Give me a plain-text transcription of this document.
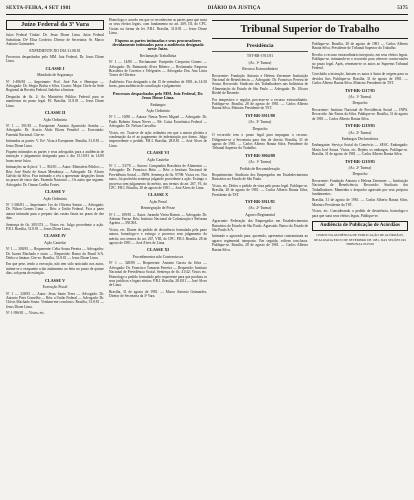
SEXTA-FEIRA, 4 SET 1981	DIÁRIO DA JUSTIÇA	5375
Juízo Federal da 3ª Vara

Juízo Federal Titular: Dr. Jesus Dione Lima. Juíza Federal Substituta: Drª Elisa Cordeiro. Diretor de Secretaria: Sr. Marco Antonio Guimarães.

EXPEDIENTE DO DIA 31.08.81

Processos despachados pelo MM. Juiz Federal, Dr. Jesus Dione Lima.

CLASSE I
Mandado de Segurança

Nº 1-496/81 — Impetrante: Prof. José Paz e Henrique — Advogado: Dr. Sérgio Borba e Silva. Coator: Major Chefe da Sede Regional da Receita Federal. Indefiro a liminar.

Despacho de fls. 2: Ao Ministério Público Federal para se manifestar no prazo legal. P.I. Brasília, 31.8.81 — Jesus Dione Lima.

CLASSE II
Ação Ordinária

Nº 1 — 391/81 — Exequente: Antonio Aparecido Aranha — Advogado: Dr. Acacio Abdo Elizeu Penafiel — Executado: Fazenda Nacional. Cite-se.

Intimadas as partes: V. Exª. Vista à Exequente. Brasília, 31.8.81 — Jesus Dione Lima.

Fiquem intimados as partes e seus advogados para a audiência de instrução e julgamento designada para o dia 15.10.81 às 14:00 horas neste Juízo.

Intimações na Ação nº 1 — 392/81 — Autor: Ministério Público — Réu: José Paulo de Souza Mendonça — Advogado: Dr. Alvaro Galvão da Silva. Fica intimado o réu a apresentar alegações finais no prazo de cinco dias. Fazenda Nacional — Os autos que seguem. Advogado: Dr. Osmar Coelho Fortes.

CLASSE V
Ação Ordinária

Nº 1-306/81 — Impetrante: Ivo de Oliveira Santos — Advogado: Dr. Nilson Gomes Lima — Réu: a União Federal. Fica a parte autora intimada para o preparo das custas finais no prazo de dez dias.

Sentença de fls. 305/374 — Vistos etc. Julgo procedente a ação. P.R.I. Brasília, 31.8.81 — Jesus Dione Lima.

CLASSE IV
Ação Cautelar

Nº 1 — 308/81 — Requerente: Celia Souza Pereira — Advogados: Dr. Juarez Machado e outro — Requerido: Banco do Brasil S/A. Defiro a liminar. Cite-se. Brasília, 31.8.81 — Jesus Dione Lima.

Em que pese, tendo a execução, não tem sido noticiado nos autos, intime-se o exequente a dar andamento ao feito no prazo de quinze dias, sob pena de extinção.

CLASSE V
Execução Fiscal

Nº 1 — 328/81 — Autor: Jesus Santo Terra — Advogado: Dr. Antonio Pires Conselho — Réu: a União Federal — Advogado: Dr. Clóvis Machado Souto. Venham-me conclusos. Brasília, 31.8.81 — Jesus Dione Lima.

Nº 1-396/81 — Vistos, etc.

Homologo o acordo em que se reconhecem as partes para que surta os seus efeitos legais, com fundamento no art. 269, III, do CPC. Custas na forma da lei. P.R.I. Brasília, 31.8.81 — Jesus Dione Lima.

Fiquem as partes intimadas e seus procuradores devidamente intimados para a audiência designada neste Juízo.
Reclamação Trabalhista

Nº 1 — 14/80 — Reclamante: Euripedes Cerqueira Gomes — Advogado: Dr. Raimundo Alves Ribeiro — Reclamada: Empresa Brasileira de Correios e Telégrafos — Advogada: Dra. Ana Lúcia Torres de Oliveira.

Audiência: Fica designado o dia 15 de setembro de 1981, às 14:30 horas, para audiência de conciliação e julgamento.

Processos despachados pelo MM. Juiz Federal, Dr. Jesus Dione Lima.
Embargos
Ação Ordinária

Nº 1 — 10/80 — Autora: Neusa Neves Miguel — Advogado: Dr. Paulo Roberto Souza Neves — Ré: Caixa Econômica Federal — Advogado: Dr. Nelson Carvalho.

Vistos, etc. Trata-se de ação ordinária em que a autora pleiteia a condenação da ré ao pagamento de indenização por danos. Julgo improcedente o pedido. P.R.I. Brasília, 28.8.81 — José Alves de Lima.

CLASSE VI
Ação Cautelar

Nº 1 — 53/78 — Autora: Companhia Brasileira de Alimentos — Advogado: Dr. Francisco Brito — Réu: o Instituto Nacional de Previdência Social — INPS. Sentença de fls. 97/98: Vistos etc. Nos autos, foi proferida sentença julgando procedente a ação. Extingo o processo sem julgamento do mérito, nos termos do art. 267, VI, do CPC. P.R.I. Brasília, 28 de agosto de 1981 — José Alves de Lima.

CLASSE X
Ação Penal
Reintegração de Posse

Nº 1 — 109/81 — Autor: Jurandir Vieira Ramos — Advogado: Dr. Ademar Ferraz. Réu: Instituto Nacional de Colonização e Reforma Agrária — INCRA.

Vistos, etc. Diante do pedido de desistência formulado pela parte autora, homologo-o e extingo o processo sem julgamento do mérito, nos termos do art. 267, VIII, do CPC. P.R.I. Brasília, 28 de agosto de 1981 — José Alves de Lima.

CLASSE XI
Procedimentos não Contenciosos

Nº 1 — 328/80 — Requerente: Antonio Garcia da Silva — Advogado: Dr. Francisco Tomazin Ferreira — Requerido: Instituto Nacional de Previdência Social. Sentença de fls. 41/42: Vistos etc. Homologo o pedido formulado pelo requerente para que produza os seus jurídicos e legais efeitos. P.R.I. Brasília, 28.8.81 — José Alves de Lima.

Brasília, 31 de agosto de 1981. — Marco Antonio Guimarães, Diretor de Secretaria da 3ª Vara.

Tribunal Superior do Trabalho
Presidência
TST-RR-1911/81
(Ac. 1ª Turma)
Recurso Extraordinário

Recorrente: Fundação Antonio e Helena Zerrenner Instituição Nacional de Beneficência — Advogado: Dr. Francisco Pereira de Souza. Recorrido: Sindicato dos Trabalhadores nas Indústrias de Alimentação do Estado de São Paulo — Advogado: Dr. Ulisses Riedel de Resende.

Por tempestivo e regular, processe-se o recurso extraordinário. Publique-se. Brasília, 28 de agosto de 1981. — Carlos Alberto Barata Silva, Ministro Presidente do TST.

TST-RR-3911/80
(Ac. 3ª Turma)
Despacho

O recorrido tem o prazo legal para impugnar o recurso. Diligencie-se a Secretaria para fins de direito. Brasília, 31 de agosto de 1981. — Carlos Alberto Barata Silva, Presidente do Tribunal Superior do Trabalho.

TST-RR-3904/80
(Ac. 1ª Turma)
Pedido de Reconsideração

Requerimento: Sindicato dos Empregados em Estabelecimentos Bancários no Estado de São Paulo.

Vistos, etc. Defiro o pedido de vista pelo prazo legal. Publique-se. Brasília, 28 de agosto de 1981. — Carlos Alberto Barata Silva, Presidente do TST.

TST-RR-3911/81
(Ac. 2ª Turma)
Agravo Regimental

Agravante: Federação dos Empregados em Estabelecimentos Bancários do Estado de São Paulo. Agravado: Banco do Estado de São Paulo S/A.

Intimado o agravado para, querendo, apresentar contraminuta ao agravo regimental interposto. Em seguida, voltem conclusos. Publique-se. Brasília, 28 de agosto de 1981. — Carlos Alberto Barata Silva.

Publique-se. Brasília, 28 de agosto de 1981 — Carlos Alberto Barata Silva, Presidente do Tribunal Superior do Trabalho.

Recebo o recurso extraordinário interposto, em seus efeitos legais. Publique-se, intimando-se o recorrido para oferecer contra-razões no prazo legal. Após, remetam-se os autos ao Supremo Tribunal Federal.

Concluída a instrução, baixem os autos à Junta de origem para os devidos fins. Publique-se. Brasília, 31 de agosto de 1981. — Carlos Alberto Barata Silva, Ministro Presidente do TST.

TST-RR-1217/81
(Ac. 1ª Turma)
Despacho

Recorrente: Instituto Nacional de Previdência Social — INPS. Recorrido: Jair Farias da Silva. Publique-se. Brasília, 31 de agosto de 1981 — Carlos Alberto Barata Silva.

TST-RR-1219/81
(Ac. 2ª Turma)
Embargos Declaratórios

Embargante: Serviço Social do Comércio — SESC. Embargado: Maria José Souza. Vistos, etc. Rejeito os embargos. Publique-se. Brasília, 31 de agosto de 1981. — Carlos Alberto Barata Silva.

TST-RR-1219/81
(Ac. 2ª Turma)
Despacho

Recorrente: Fundação Antonio e Helena Zerrenner — Instituição Nacional de Beneficência. Recorrido: Sindicato dos Trabalhadores. Mantenho o despacho agravado por seus próprios fundamentos.

Brasília, 31 de agosto de 1981. — Carlos Alberto Barata Silva, Ministro Presidente do TST.

Vistos, etc. Considerando o pedido de desistência, homologo-o para que surta seus efeitos legais. Publique-se.

Audiência de Publicação de Acórdãos

LEMOS NA AUDIÊNCIA DE PUBLICAÇÃO DE ACÓRDÃOS, REALIZADA EM 03 DE SETEMBRO DE 1981, DAS SEÇÕES DO TRIBUNAL PLENO
